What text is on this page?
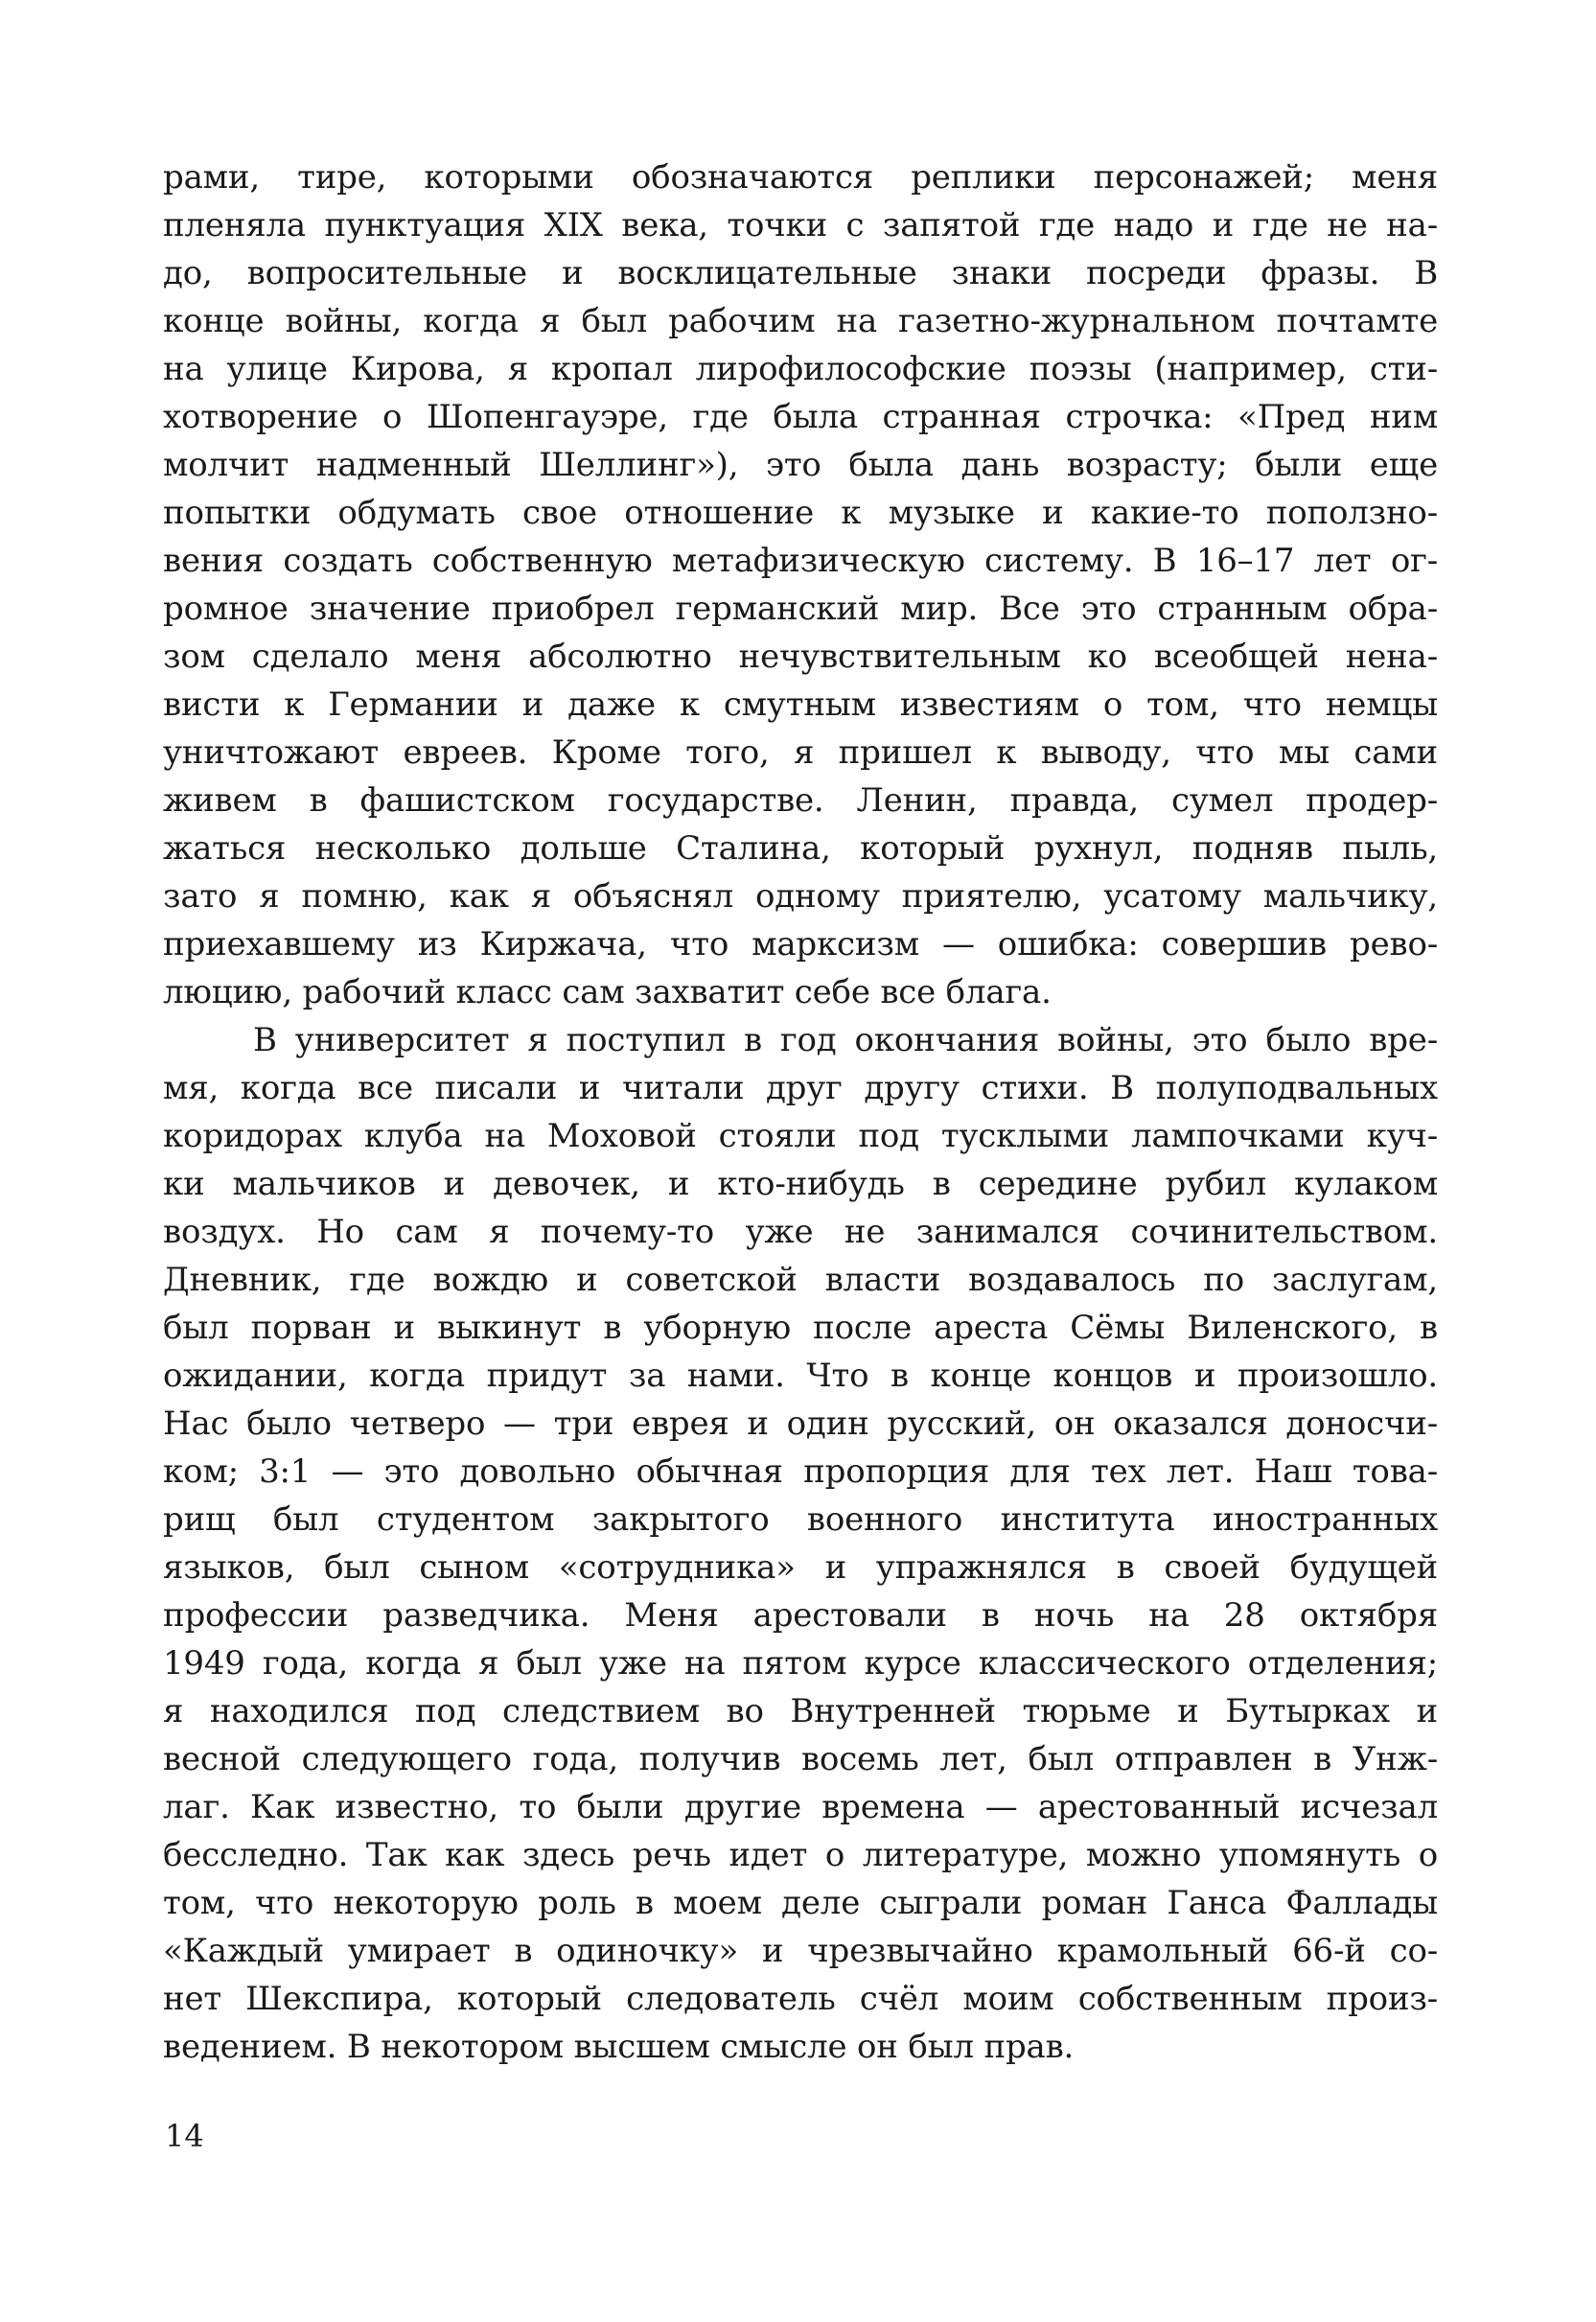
рами, тире, которыми обозначаются реплики персонажей; меня
пленяла пунктуация XIX века, точки с запятой где надо и где не на-
до, вопросительные и восклицательные знаки посреди фразы. В
конце войны, когда я был рабочим на газетно-журнальном почтамте
на улице Кирова, я кропал лирофилософские поэзы (например, сти-
хотворение о Шопенгауэре, где была странная строчка: «Пред ним
молчит надменный Шеллинг»), это была дань возрасту; были еще
попытки обдумать свое отношение к музыке и какие-то поползно-
вения создать собственную метафизическую систему. В 16–17 лет ог-
ромное значение приобрел германский мир. Все это странным обра-
зом сделало меня абсолютно нечувствительным ко всеобщей нена-
висти к Германии и даже к смутным известиям о том, что немцы
уничтожают евреев. Кроме того, я пришел к выводу, что мы сами
живем в фашистском государстве. Ленин, правда, сумел продер-
жаться несколько дольше Сталина, который рухнул, подняв пыль,
зато я помню, как я объяснял одному приятелю, усатому мальчику,
приехавшему из Киржача, что марксизм — ошибка: совершив рево-
люцию, рабочий класс сам захватит себе все блага.
В университет я поступил в год окончания войны, это было вре-
мя, когда все писали и читали друг другу стихи. В полуподвальных
коридорах клуба на Моховой стояли под тусклыми лампочками куч-
ки мальчиков и девочек, и кто-нибудь в середине рубил кулаком
воздух. Но сам я почему-то уже не занимался сочинительством.
Дневник, где вождю и советской власти воздавалось по заслугам,
был порван и выкинут в уборную после ареста Сёмы Виленского, в
ожидании, когда придут за нами. Что в конце концов и произошло.
Нас было четверо — три еврея и один русский, он оказался доносчи-
ком; 3:1 — это довольно обычная пропорция для тех лет. Наш това-
рищ был студентом закрытого военного института иностранных
языков, был сыном «сотрудника» и упражнялся в своей будущей
профессии разведчика. Меня арестовали в ночь на 28 октября
1949 года, когда я был уже на пятом курсе классического отделения;
я находился под следствием во Внутренней тюрьме и Бутырках и
весной следующего года, получив восемь лет, был отправлен в Унж-
лаг. Как известно, то были другие времена — арестованный исчезал
бесследно. Так как здесь речь идет о литературе, можно упомянуть о
том, что некоторую роль в моем деле сыграли роман Ганса Фаллады
«Каждый умирает в одиночку» и чрезвычайно крамольный 66-й со-
нет Шекспира, который следователь счёл моим собственным произ-
ведением. В некотором высшем смысле он был прав.
14
